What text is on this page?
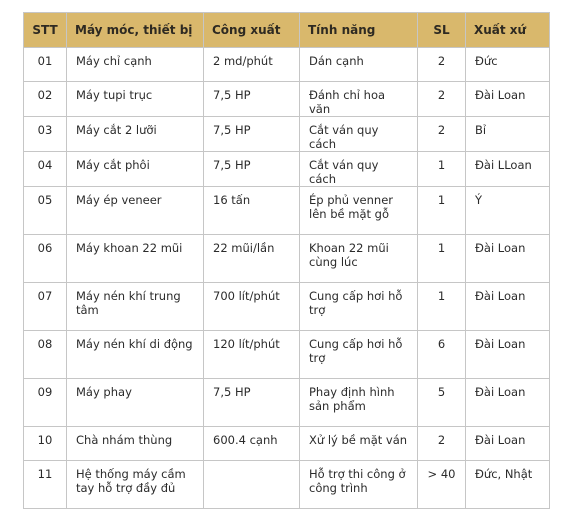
STT	Máy móc, thiết bị	Công xuất	Tính năng	SL	Xuất xứ
01	Máy chỉ cạnh	2 md/phút	Dán cạnh	2	Đức
02	Máy tupi trục	7,5 HP	Đánh chỉ hoa văn	2	Đài Loan
03	Máy cắt 2 lưỡi	7,5 HP	Cắt ván quy cách	2	Bỉ
04	Máy cắt phôi	7,5 HP	Cắt ván quy cách	1	Đài LLoan
05	Máy ép veneer	16 tấn	Ép phủ venner lên bề mặt gỗ	1	Ý
06	Máy khoan 22 mũi	22 mũi/lần	Khoan 22 mũi cùng lúc	1	Đài Loan
07	Máy nén khí trung tâm	700 lít/phút	Cung cấp hơi hỗ trợ	1	Đài Loan
08	Máy nén khí di động	120 lít/phút	Cung cấp hơi hỗ trợ	6	Đài Loan
09	Máy phay	7,5 HP	Phay định hình sản phẩm	5	Đài Loan
10	Chà nhám thùng	600.4 cạnh	Xử lý bề mặt ván	2	Đài Loan
11	Hệ thống máy cầm tay hỗ trợ đầy đủ		Hỗ trợ thi công ở công trình	> 40	Đức, Nhật
